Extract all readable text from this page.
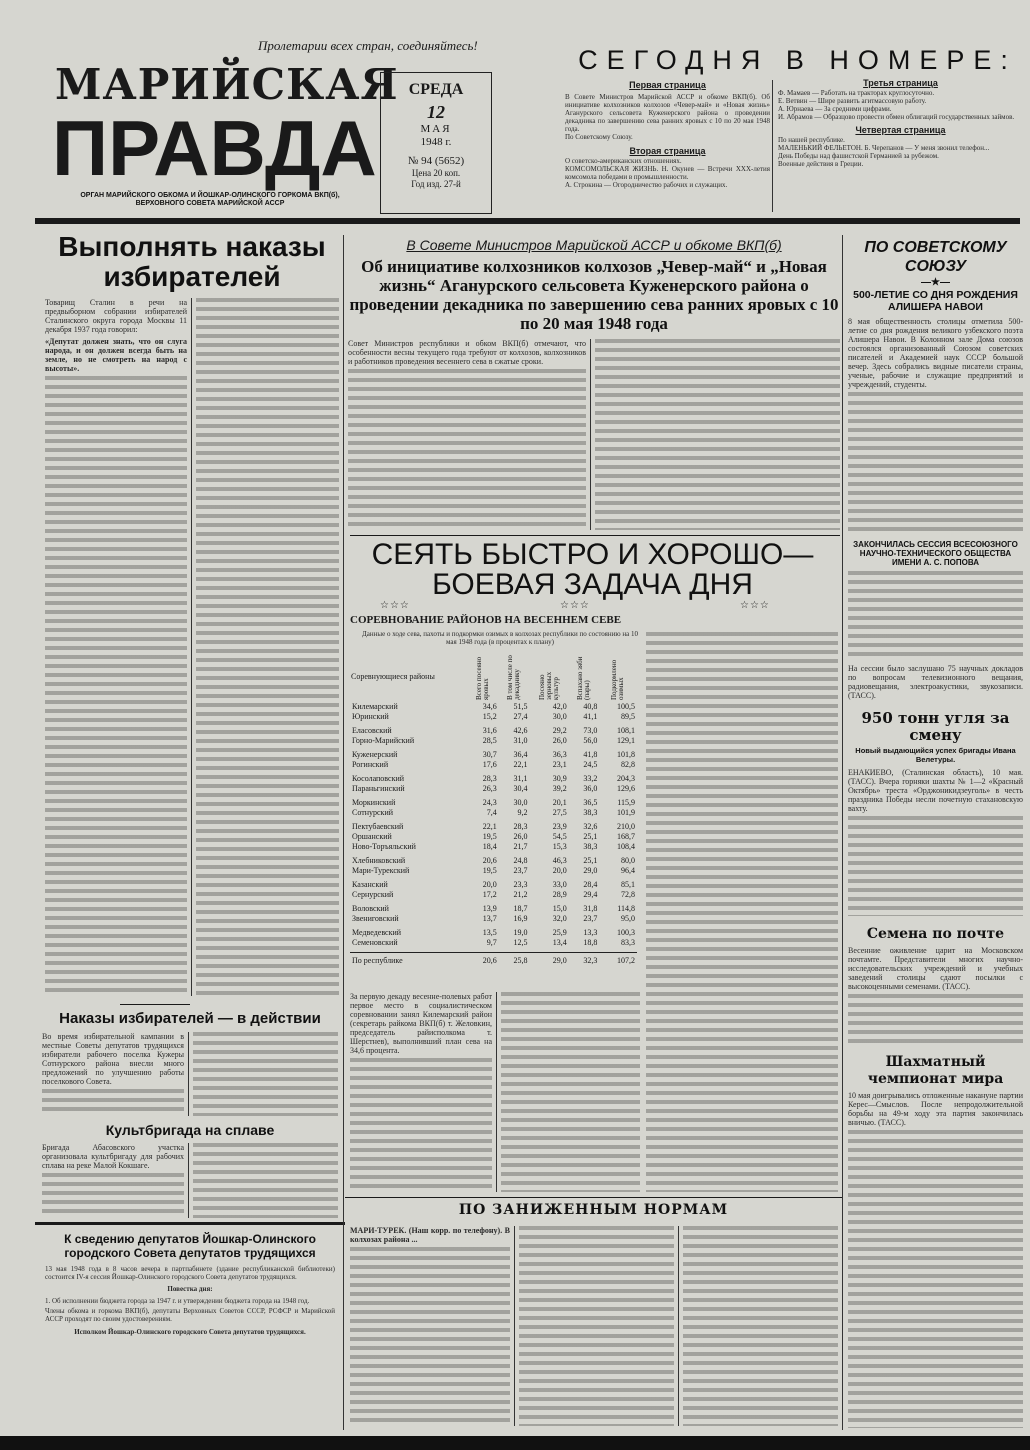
Пролетарии всех стран, соединяйтесь!
МАРИЙСКАЯ
ПРАВДА
ОРГАН МАРИЙСКОГО ОБКОМА И ЙОШКАР-ОЛИНСКОГО ГОРКОМА ВКП(б), ВЕРХОВНОГО СОВЕТА МАРИЙСКОЙ АССР
СРЕДА
12
МАЯ
1948 г.
№ 94 (5652)
Цена 20 коп.
Год изд. 27-й
СЕГОДНЯ В НОМЕРЕ:
Первая страница
В Совете Министров Марийской АССР и обкоме ВКП(б). Об инициативе колхозников колхозов «Чевер-май» и «Новая жизнь» Агануpского сельсовета Куженерского района о проведении декадника по завершению сева ранних яровых с 10 по 20 мая 1948 года.
По Советскому Союзу.
Вторая страница
О советско-американских отношениях.
КОМСОМОЛЬСКАЯ ЖИЗНЬ. Н. Окунев — Встречи XXX-летия комсомола победами в промышленности.
А. Строкина — Огородничество рабочих и служащих.
Третья страница
Ф. Мамаев — Работать на тракторах круглосуточно.
Е. Ветвин — Шире развить агитмассовую работу.
А. Юрнаева — За средними цифрами.
И. Абрамов — Образцово провести обмен облигаций государственных займов.
Четвертая страница
По нашей республике.
МАЛЕНЬКИЙ ФЕЛЬЕТОН. Б. Черепанов — У меня звонил телефон...
День Победы над фашистской Германией за рубежом.
Военные действия в Греции.
Выполнять наказы избирателей
Товарищ Сталин в речи на предвыборном собрании избирателей Сталинского округа города Москвы 11 декабря 1937 года говорил:
«Депутат должен знать, что он слуга народа, и он должен всегда быть на земле, но не смотреть на народ с высоты».
Наказы избирателей — в действии
Во время избирательной кампании в местные Советы депутатов трудящихся избиратели рабочего поселка Кужеры Сотнурского района внесли много предложений по улучшению работы поселкового Совета.
Культбригада на сплаве
Бригада Абасовского участка организовала культбригаду для рабочих сплава на реке Малой Кокшаге.
К сведению депутатов Йошкар-Олинского городского Совета депутатов трудящихся
13 мая 1948 года в 8 часов вечера в партпабинете (здание республиканской библиотеки) состоится IV-я сессия Йошкар-Олинского городского Совета депутатов трудящихся.
Повестка дня:
1. Об исполнении бюджета города за 1947 г. и утверждении бюджета города на 1948 год.
Члены обкома и горкома ВКП(б), депутаты Верховных Советов СССР, РСФСР и Марийской АССР проходят по своим удостоверениям.
Исполком Йошкар-Олинского городского Совета депутатов трудящихся.
В Совете Министров Марийской АССР и обкоме ВКП(б)
Об инициативе колхозников колхозов „Чевер-май“ и „Новая жизнь“ Аганурского сельсовета Куженерского района о проведении декадника по завершению сева ранних яровых с 10 по 20 мая 1948 года
Совет Министров республики и обком ВКП(б) отмечают, что особенности весны текущего года требуют от колхозов, колхозников и работников проведения весеннего сева в сжатые сроки.
СЕЯТЬ БЫСТРО И ХОРОШО—
БОЕВАЯ ЗАДАЧА ДНЯ
☆☆☆	☆☆☆	☆☆☆
СОРЕВНОВАНИЕ РАЙОНОВ НА ВЕСЕННЕМ СЕВЕ
Данные о ходе сева, пахоты и подкормки озимых в колхозах республики по состоянию на 10 мая 1948 года (в процентах к плану)
Соревнующиеся районы	Всего посеяно яровых	В том числе по декаднику	Посеяно зерновых культур	Вспахано зяби (пары)	Подкормлено озимых
Килемарский	34,6	51,5	42,0	40,8	100,5
Юринский	15,2	27,4	30,0	41,1	89,5

Еласовский	31,6	42,6	29,2	73,0	108,1
Горно-Марийский	28,5	31,0	26,0	56,0	129,1

Куженерский	30,7	36,4	36,3	41,8	101,8
Рогинский	17,6	22,1	23,1	24,5	82,8

Косолаповский	28,3	31,1	30,9	33,2	204,3
Параньгинский	26,3	30,4	39,2	36,0	129,6

Моркинский	24,3	30,0	20,1	36,5	115,9
Сотнурский	7,4	9,2	27,5	38,3	101,9

Пектубаевский	22,1	28,3	23,9	32,6	210,0
Оршанский	19,5	26,0	54,5	25,1	168,7
Ново-Торъяльский	18,4	21,7	15,3	38,3	108,4

Хлебниковский	20,6	24,8	46,3	25,1	80,0
Мари-Турекский	19,5	23,7	20,0	29,0	96,4

Казанский	20,0	23,3	33,0	28,4	85,1
Сернурский	17,2	21,2	28,9	29,4	72,8

Воловский	13,9	18,7	15,0	31,8	114,8
Звениговский	13,7	16,9	32,0	23,7	95,0

Медведевский	13,5	19,0	25,9	13,3	100,3
Семеновский	9,7	12,5	13,4	18,8	83,3

По республике	20,6	25,8	29,0	32,3	107,2
За первую декаду весенне-полевых работ первое место в социалистическом соревновании занял Килемарский район (секретарь райкома ВКП(б) т. Желовкин, председатель райисполкома т. Шерстнев), выполнивший план сева на 34,6 процента.
ПО ЗАНИЖЕННЫМ НОРМАМ
МАРИ-ТУРЕК. (Наш корр. по телефону). В колхозах района ...
ПО СОВЕТСКОМУ СОЮЗУ
—★—
500-ЛЕТИЕ СО ДНЯ РОЖДЕНИЯ АЛИШЕРА НАВОИ
8 мая общественность столицы отметила 500-летие со дня рождения великого узбекского поэта Алишера Навои. В Колонном зале Дома союзов состоялся организованный Союзом советских писателей и Академией наук СССР большой вечер. Здесь собрались видные писатели страны, ученые, рабочие и служащие предприятий и учреждений, студенты.
ЗАКОНЧИЛАСЬ СЕССИЯ ВСЕСОЮЗНОГО НАУЧНО-ТЕХНИЧЕСКОГО ОБЩЕСТВА ИМЕНИ А. С. ПОПОВА
На сессии было заслушано 75 научных докладов по вопросам телевизионного вещания, радиовещания, электроакустики, звукозаписи. (ТАСС).
950 тонн угля за смену
Новый выдающийся успех бригады Ивана Велетуры.
ЕНАКИЕВО, (Сталинская область), 10 мая. (ТАСС). Вчера горняки шахты № 1—2 «Красный Октябрь» треста «Орджоникидзеуголь» в честь праздника Победы несли почетную стахановскую вахту.
Семена по почте
Весенние оживление царит на Московском почтамте. Представители многих научно-исследовательских учреждений и учебных заведений столицы сдают посылки с высокоценными семенами. (ТАСС).
Шахматный чемпионат мира
10 мая доигрывались отложенные накануне партии Керес—Смыслов. После непродолжительной борьбы на 49-м ходу эта партия закончилась вничью. (ТАСС).
